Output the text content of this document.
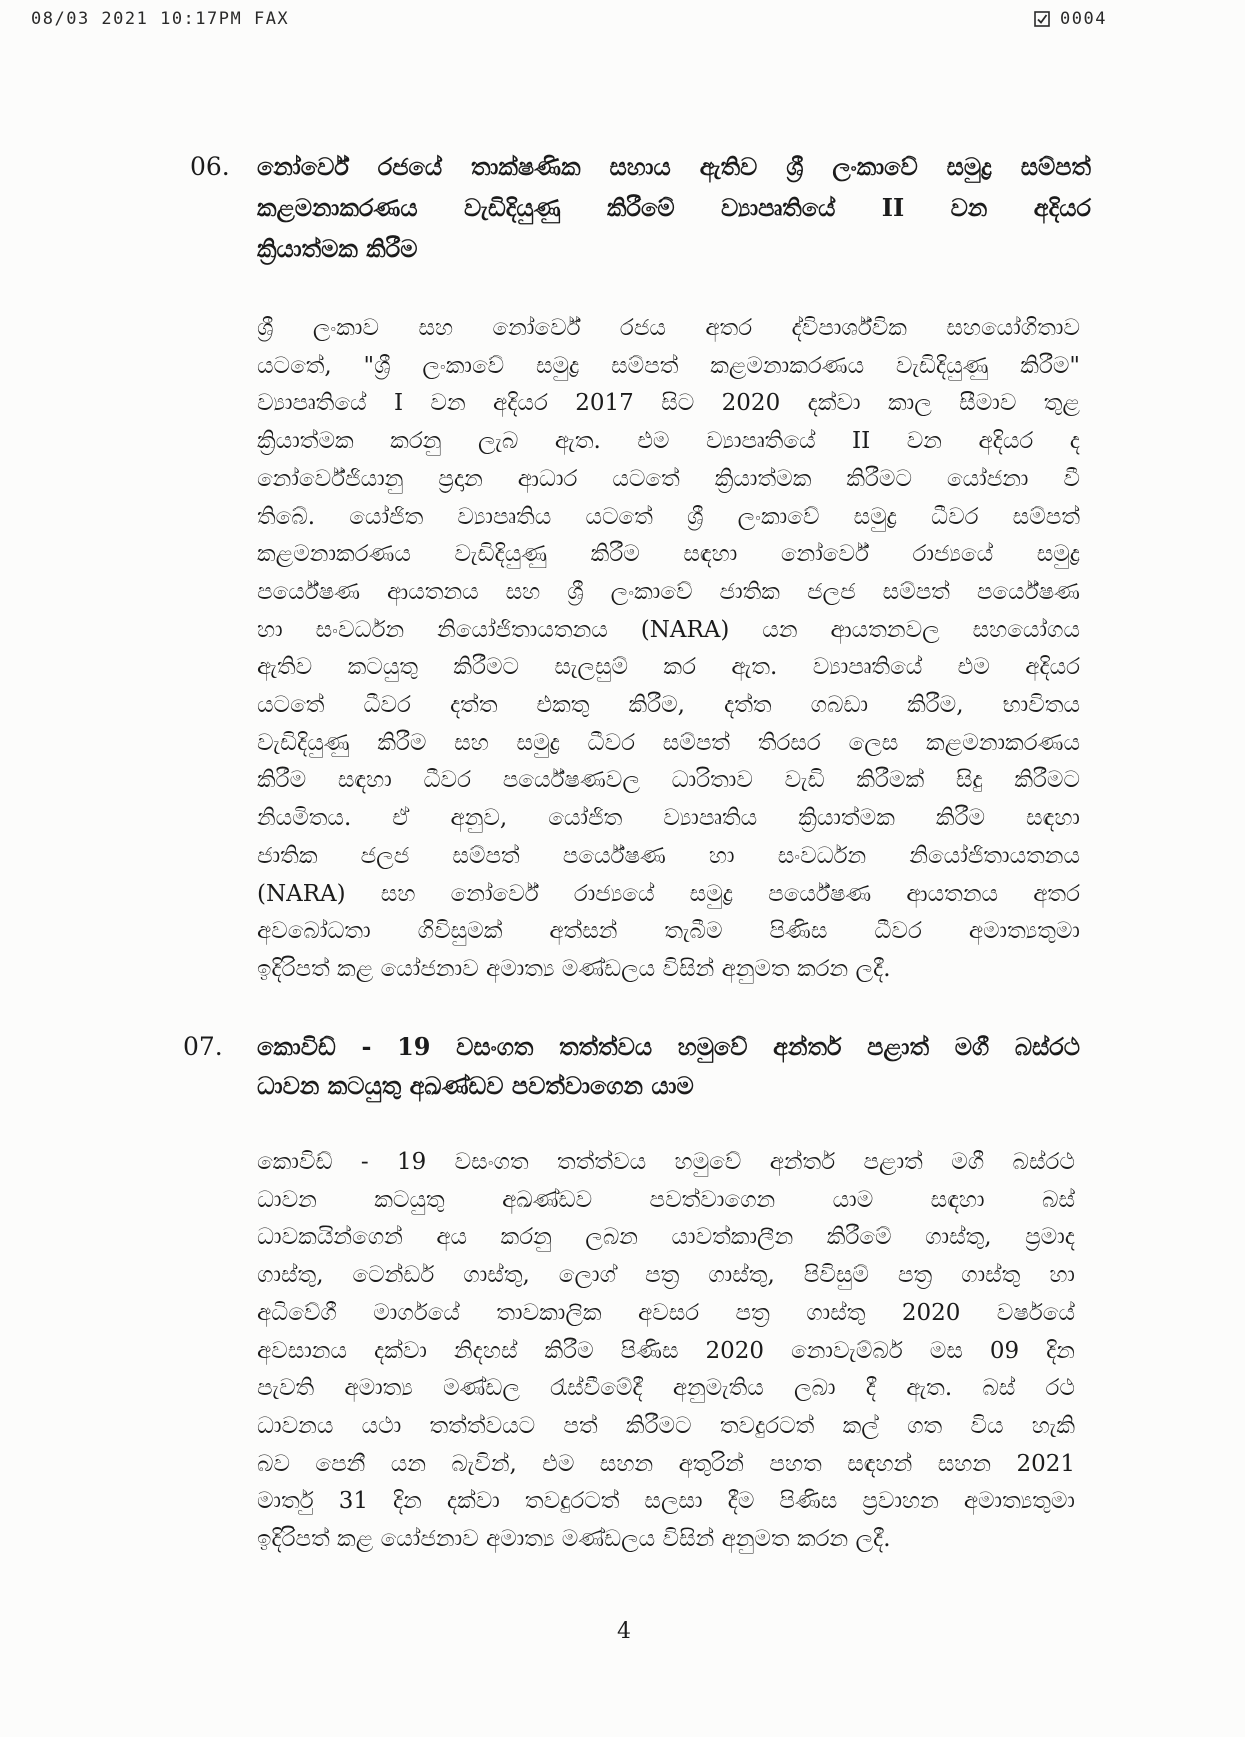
08/03 2021 10:17PM FAX	0004
06. නෝර්වේ රජයේ තාක්ෂණික සහාය ඇතිව ශ්‍රී ලංකාවේ සමුද්‍ර සම්පත්
කළමනාකරණය වැඩිදියුණු කිරීමේ ව්‍යාපෘතියේ II වන අදියර
ක්‍රියාත්මක කිරීම
ශ්‍රී ලංකාව සහ නෝර්වේ රජය අතර ද්විපාර්ශ්වික සහයෝගිතාව
යටතේ, "ශ්‍රී ලංකාවේ සමුද්‍ර සම්පත් කළමනාකරණය වැඩිදියුණු කිරීම"
ව්‍යාපෘතියේ I වන අදියර 2017 සිට 2020 දක්වා කාල සීමාව තුළ
ක්‍රියාත්මක කරනු ලැබ ඇත. එම ව්‍යාපෘතියේ II වන අදියර ද
නෝර්වේජියානු ප්‍රදාන ආධාර යටතේ ක්‍රියාත්මක කිරීමට යෝජනා වී
තිබේ. යෝජිත ව්‍යාපෘතිය යටතේ ශ්‍රී ලංකාවේ සමුද්‍ර ධීවර සම්පත්
කළමනාකරණය වැඩිදියුණු කිරීම සඳහා නෝර්වේ රාජ්‍යයේ සමුද්‍ර
පර්යේෂණ ආයතනය සහ ශ්‍රී ලංකාවේ ජාතික ජලජ සම්පත් පර්යේෂණ
හා සංවර්ධන නියෝජිතායතනය (NARA) යන ආයතනවල සහයෝගය
ඇතිව කටයුතු කිරීමට සැලසුම් කර ඇත. ව්‍යාපෘතියේ එම අදියර
යටතේ ධීවර දත්ත එකතු කිරීම, දත්ත ගබඩා කිරීම, භාවිතය
වැඩිදියුණු කිරීම සහ සමුද්‍ර ධීවර සම්පත් තිරසර ලෙස කළමනාකරණය
කිරීම සඳහා ධීවර පර්යේෂණවල ධාරිතාව වැඩි කිරීමක් සිදු කිරීමට
නියමිතය. ඒ අනුව, යෝජිත ව්‍යාපෘතිය ක්‍රියාත්මක කිරීම සඳහා
ජාතික ජලජ සම්පත් පර්යේෂණ හා සංවර්ධන නියෝජිතායතනය
(NARA) සහ නෝර්වේ රාජ්‍යයේ සමුද්‍ර පර්යේෂණ ආයතනය අතර
අවබෝධතා ගිවිසුමක් අත්සන් තැබීම පිණිස ධීවර අමාත්‍යතුමා
ඉදිරිපත් කළ යෝජනාව අමාත්‍ය මණ්ඩලය විසින් අනුමත කරන ලදී.
07. කොවිඩ් - 19 වසංගත තත්ත්වය හමුවේ අන්තර් පළාත් මගී බස්රථ
ධාවන කටයුතු අඛණ්ඩව පවත්වාගෙන යාම
කොවිඩ් - 19 වසංගත තත්ත්වය හමුවේ අන්තර් පළාත් මගී බස්රථ
ධාවන කටයුතු අඛණ්ඩව පවත්වාගෙන යාම සඳහා බස්
ධාවකයින්ගෙන් අය කරනු ලබන යාවත්කාලීන කිරීමේ ගාස්තු, ප්‍රමාද
ගාස්තු, ටෙන්ඩර් ගාස්තු, ලොග් පත්‍ර ගාස්තු, පිවිසුම් පත්‍ර ගාස්තු හා
අධිවේගී මාර්ගයේ තාවකාලික අවසර පත්‍ර ගාස්තු 2020 වර්ෂයේ
අවසානය දක්වා නිදහස් කිරීම පිණිස 2020 නොවැම්බර් මස 09 දින
පැවති අමාත්‍ය මණ්ඩල රැස්වීමේදී අනුමැතිය ලබා දී ඇත. බස් රථ
ධාවනය යථා තත්ත්වයට පත් කිරීමට තවදුරටත් කල් ගත විය හැකි
බව පෙනී යන බැවින්, එම සහන අතුරින් පහත සඳහන් සහන 2021
මාර්තු 31 දින දක්වා තවදුරටත් සලසා දීම පිණිස ප්‍රවාහන අමාත්‍යතුමා
ඉදිරිපත් කළ යෝජනාව අමාත්‍ය මණ්ඩලය විසින් අනුමත කරන ලදී.
4
